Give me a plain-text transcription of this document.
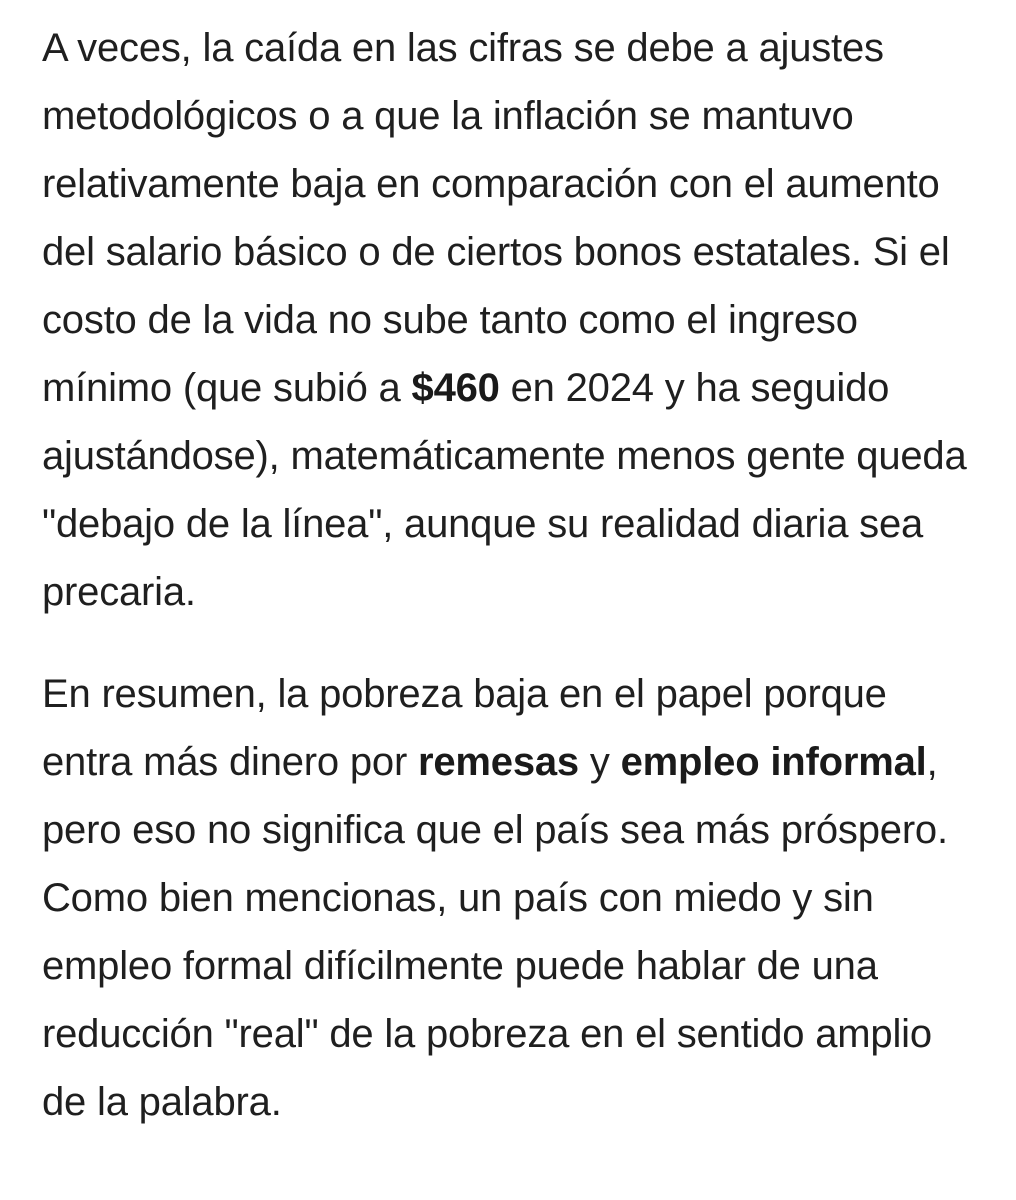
A veces, la caída en las cifras se debe a ajustes metodológicos o a que la inflación se mantuvo relativamente baja en comparación con el aumento del salario básico o de ciertos bonos estatales. Si el costo de la vida no sube tanto como el ingreso mínimo (que subió a $460 en 2024 y ha seguido ajustándose), matemáticamente menos gente queda "debajo de la línea", aunque su realidad diaria sea precaria.

En resumen, la pobreza baja en el papel porque entra más dinero por remesas y empleo informal, pero eso no significa que el país sea más próspero. Como bien mencionas, un país con miedo y sin empleo formal difícilmente puede hablar de una reducción "real" de la pobreza en el sentido amplio de la palabra.
